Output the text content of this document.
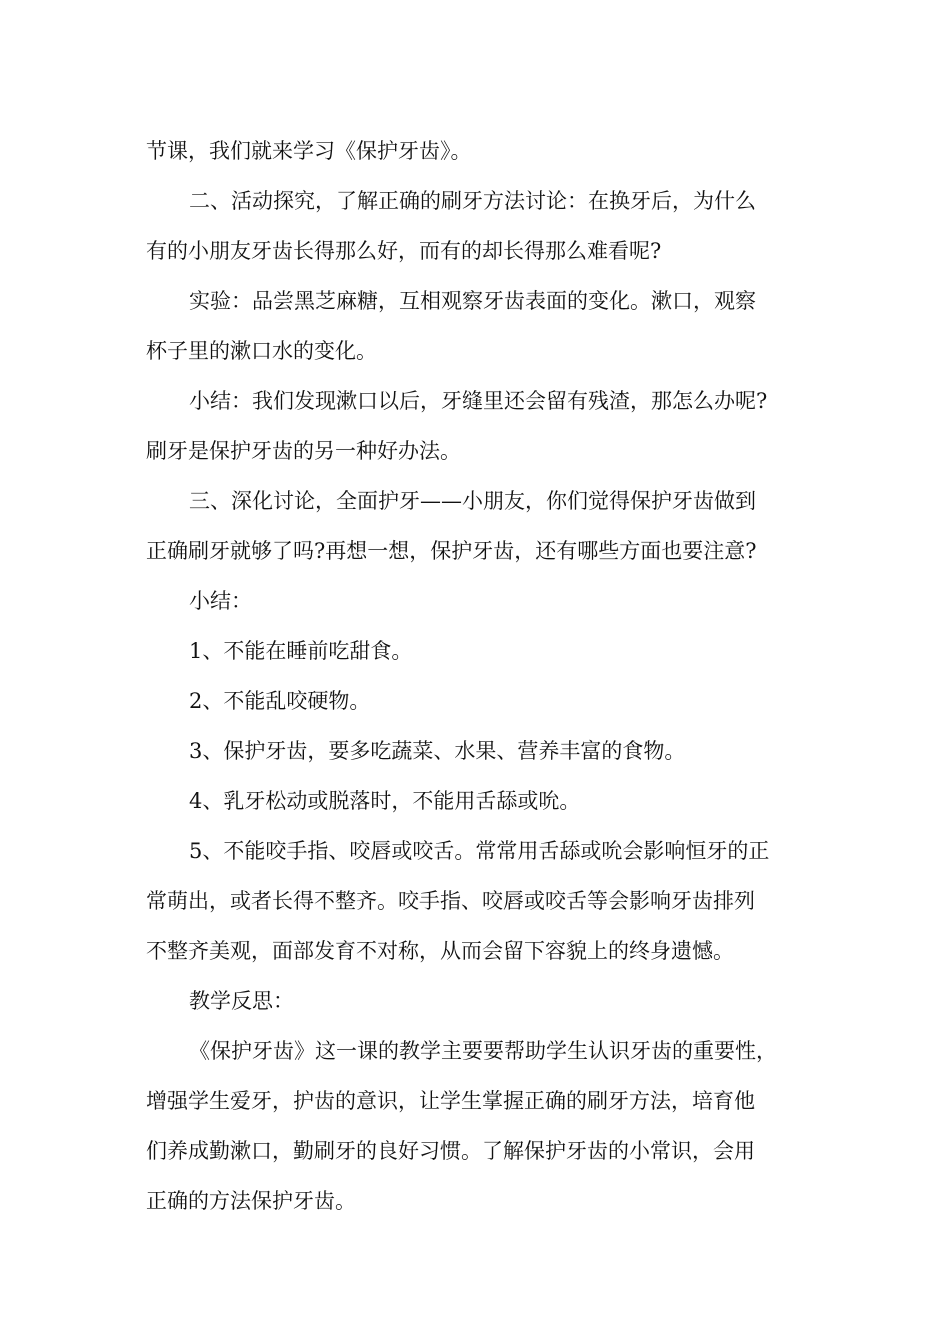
节课，我们就来学习《保护牙齿》。
二、活动探究，了解正确的刷牙方法讨论：在换牙后，为什么
有的小朋友牙齿长得那么好，而有的却长得那么难看呢?
实验：品尝黑芝麻糖，互相观察牙齿表面的变化。漱口，观察
杯子里的漱口水的变化。
小结：我们发现漱口以后，牙缝里还会留有残渣，那怎么办呢?
刷牙是保护牙齿的另一种好办法。
三、深化讨论，全面护牙——小朋友，你们觉得保护牙齿做到
正确刷牙就够了吗?再想一想，保护牙齿，还有哪些方面也要注意?
小结：
1、不能在睡前吃甜食。
2、不能乱咬硬物。
3、保护牙齿，要多吃蔬菜、水果、营养丰富的食物。
4、乳牙松动或脱落时，不能用舌舔或吮。
5、不能咬手指、咬唇或咬舌。常常用舌舔或吮会影响恒牙的正
常萌出，或者长得不整齐。咬手指、咬唇或咬舌等会影响牙齿排列
不整齐美观，面部发育不对称，从而会留下容貌上的终身遗憾。
教学反思：
《保护牙齿》这一课的教学主要要帮助学生认识牙齿的重要性，
增强学生爱牙，护齿的意识，让学生掌握正确的刷牙方法，培育他
们养成勤漱口，勤刷牙的良好习惯。了解保护牙齿的小常识，会用
正确的方法保护牙齿。
